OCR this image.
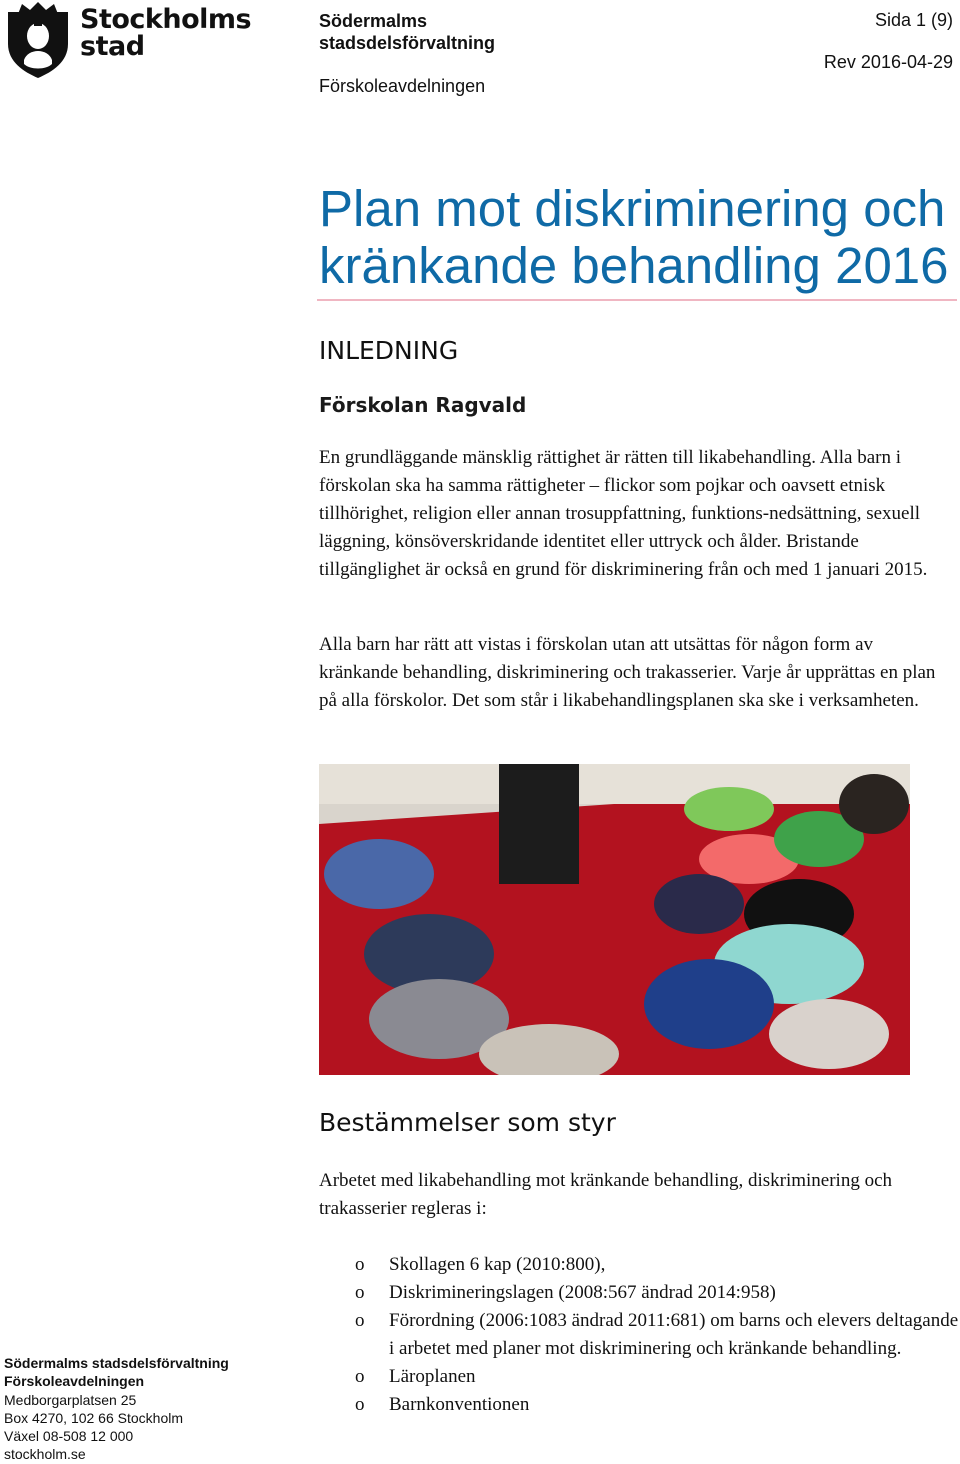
Stockholms
stad
Södermalms
stadsdelsförvaltning
Förskoleavdelningen
Sida 1 (9)
Rev 2016-04-29
Plan mot diskriminering och
kränkande behandling 2016
INLEDNING
Förskolan Ragvald

En grundläggande mänsklig rättighet är rätten till likabehandling. Alla barn i förskolan ska ha samma rättigheter – flickor som pojkar och oavsett etnisk tillhörighet, religion eller annan trosuppfattning, funktions-nedsättning, sexuell läggning, könsöverskridande identitet eller uttryck och ålder. Bristande tillgänglighet är också en grund för diskriminering från och med 1 januari 2015.

Alla barn har rätt att vistas i förskolan utan att utsättas för någon form av kränkande behandling, diskriminering och trakasserier. Varje år upprättas en plan på alla förskolor. Det som står i likabehandlingsplanen ska ske i verksamheten.

Bestämmelser som styr

Arbetet med likabehandling mot kränkande behandling, diskriminering och trakasserier regleras i:

o Skollagen 6 kap (2010:800),
o Diskrimineringslagen (2008:567 ändrad 2014:958)
o Förordning (2006:1083 ändrad 2011:681) om barns och elevers deltagande i arbetet med planer mot diskriminering och kränkande behandling.
o Läroplanen
o Barnkonventionen
Södermalms stadsdelsförvaltning
Förskoleavdelningen
Medborgarplatsen 25
Box 4270, 102 66 Stockholm
Växel 08-508 12 000
stockholm.se
